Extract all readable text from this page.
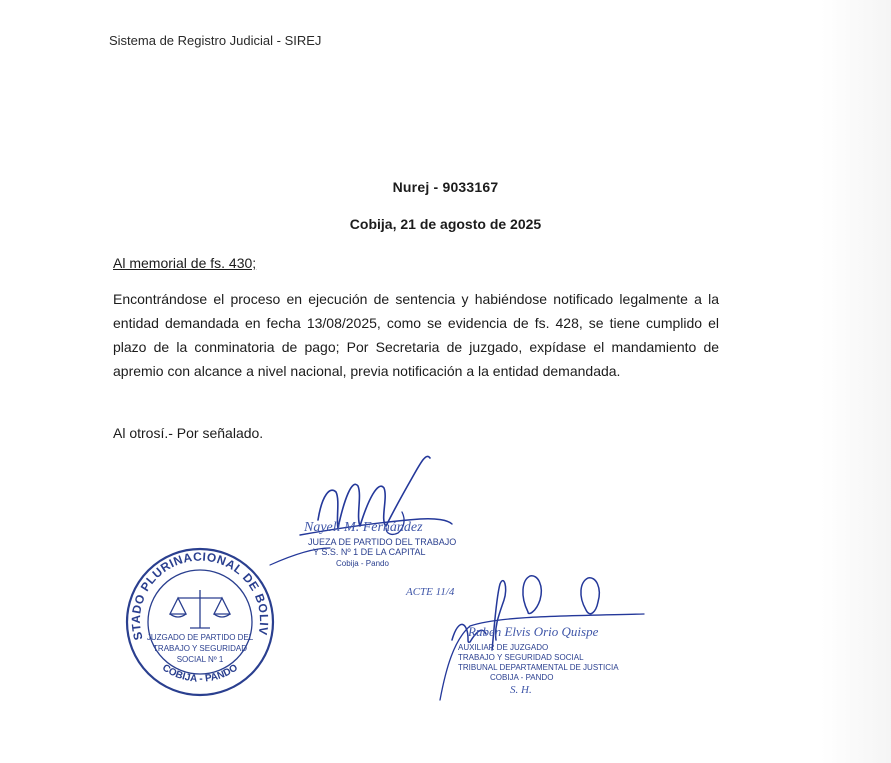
Sistema de Registro Judicial - SIREJ
Nurej - 9033167
Cobija, 21 de agosto de 2025
Al memorial de fs. 430;
Encontrándose el proceso en ejecución de sentencia y habiéndose notificado legalmente a la entidad demandada en fecha 13/08/2025, como se evidencia de fs. 428, se tiene cumplido el plazo de la conminatoria de pago; Por Secretaria de juzgado, expídase el mandamiento de apremio con alcance a nivel nacional, previa notificación a la entidad demandada.
Al otrosí.- Por señalado.
Nayeli M. Fernández
JUEZA DE PARTIDO DEL TRABAJO
Y S.S. Nº 1 DE LA CAPITAL
Cobija - Pando
ESTADO PLURINACIONAL DE BOLIVIA
COBIJA - PANDO
JUZGADO DE PARTIDO DEL
TRABAJO Y SEGURIDAD
SOCIAL Nº 1
ACTE 11/4
Ruben Elvis Orio Quispe
AUXILIAR DE JUZGADO
TRABAJO Y SEGURIDAD SOCIAL
TRIBUNAL DEPARTAMENTAL DE JUSTICIA
COBIJA - PANDO
S. H.
